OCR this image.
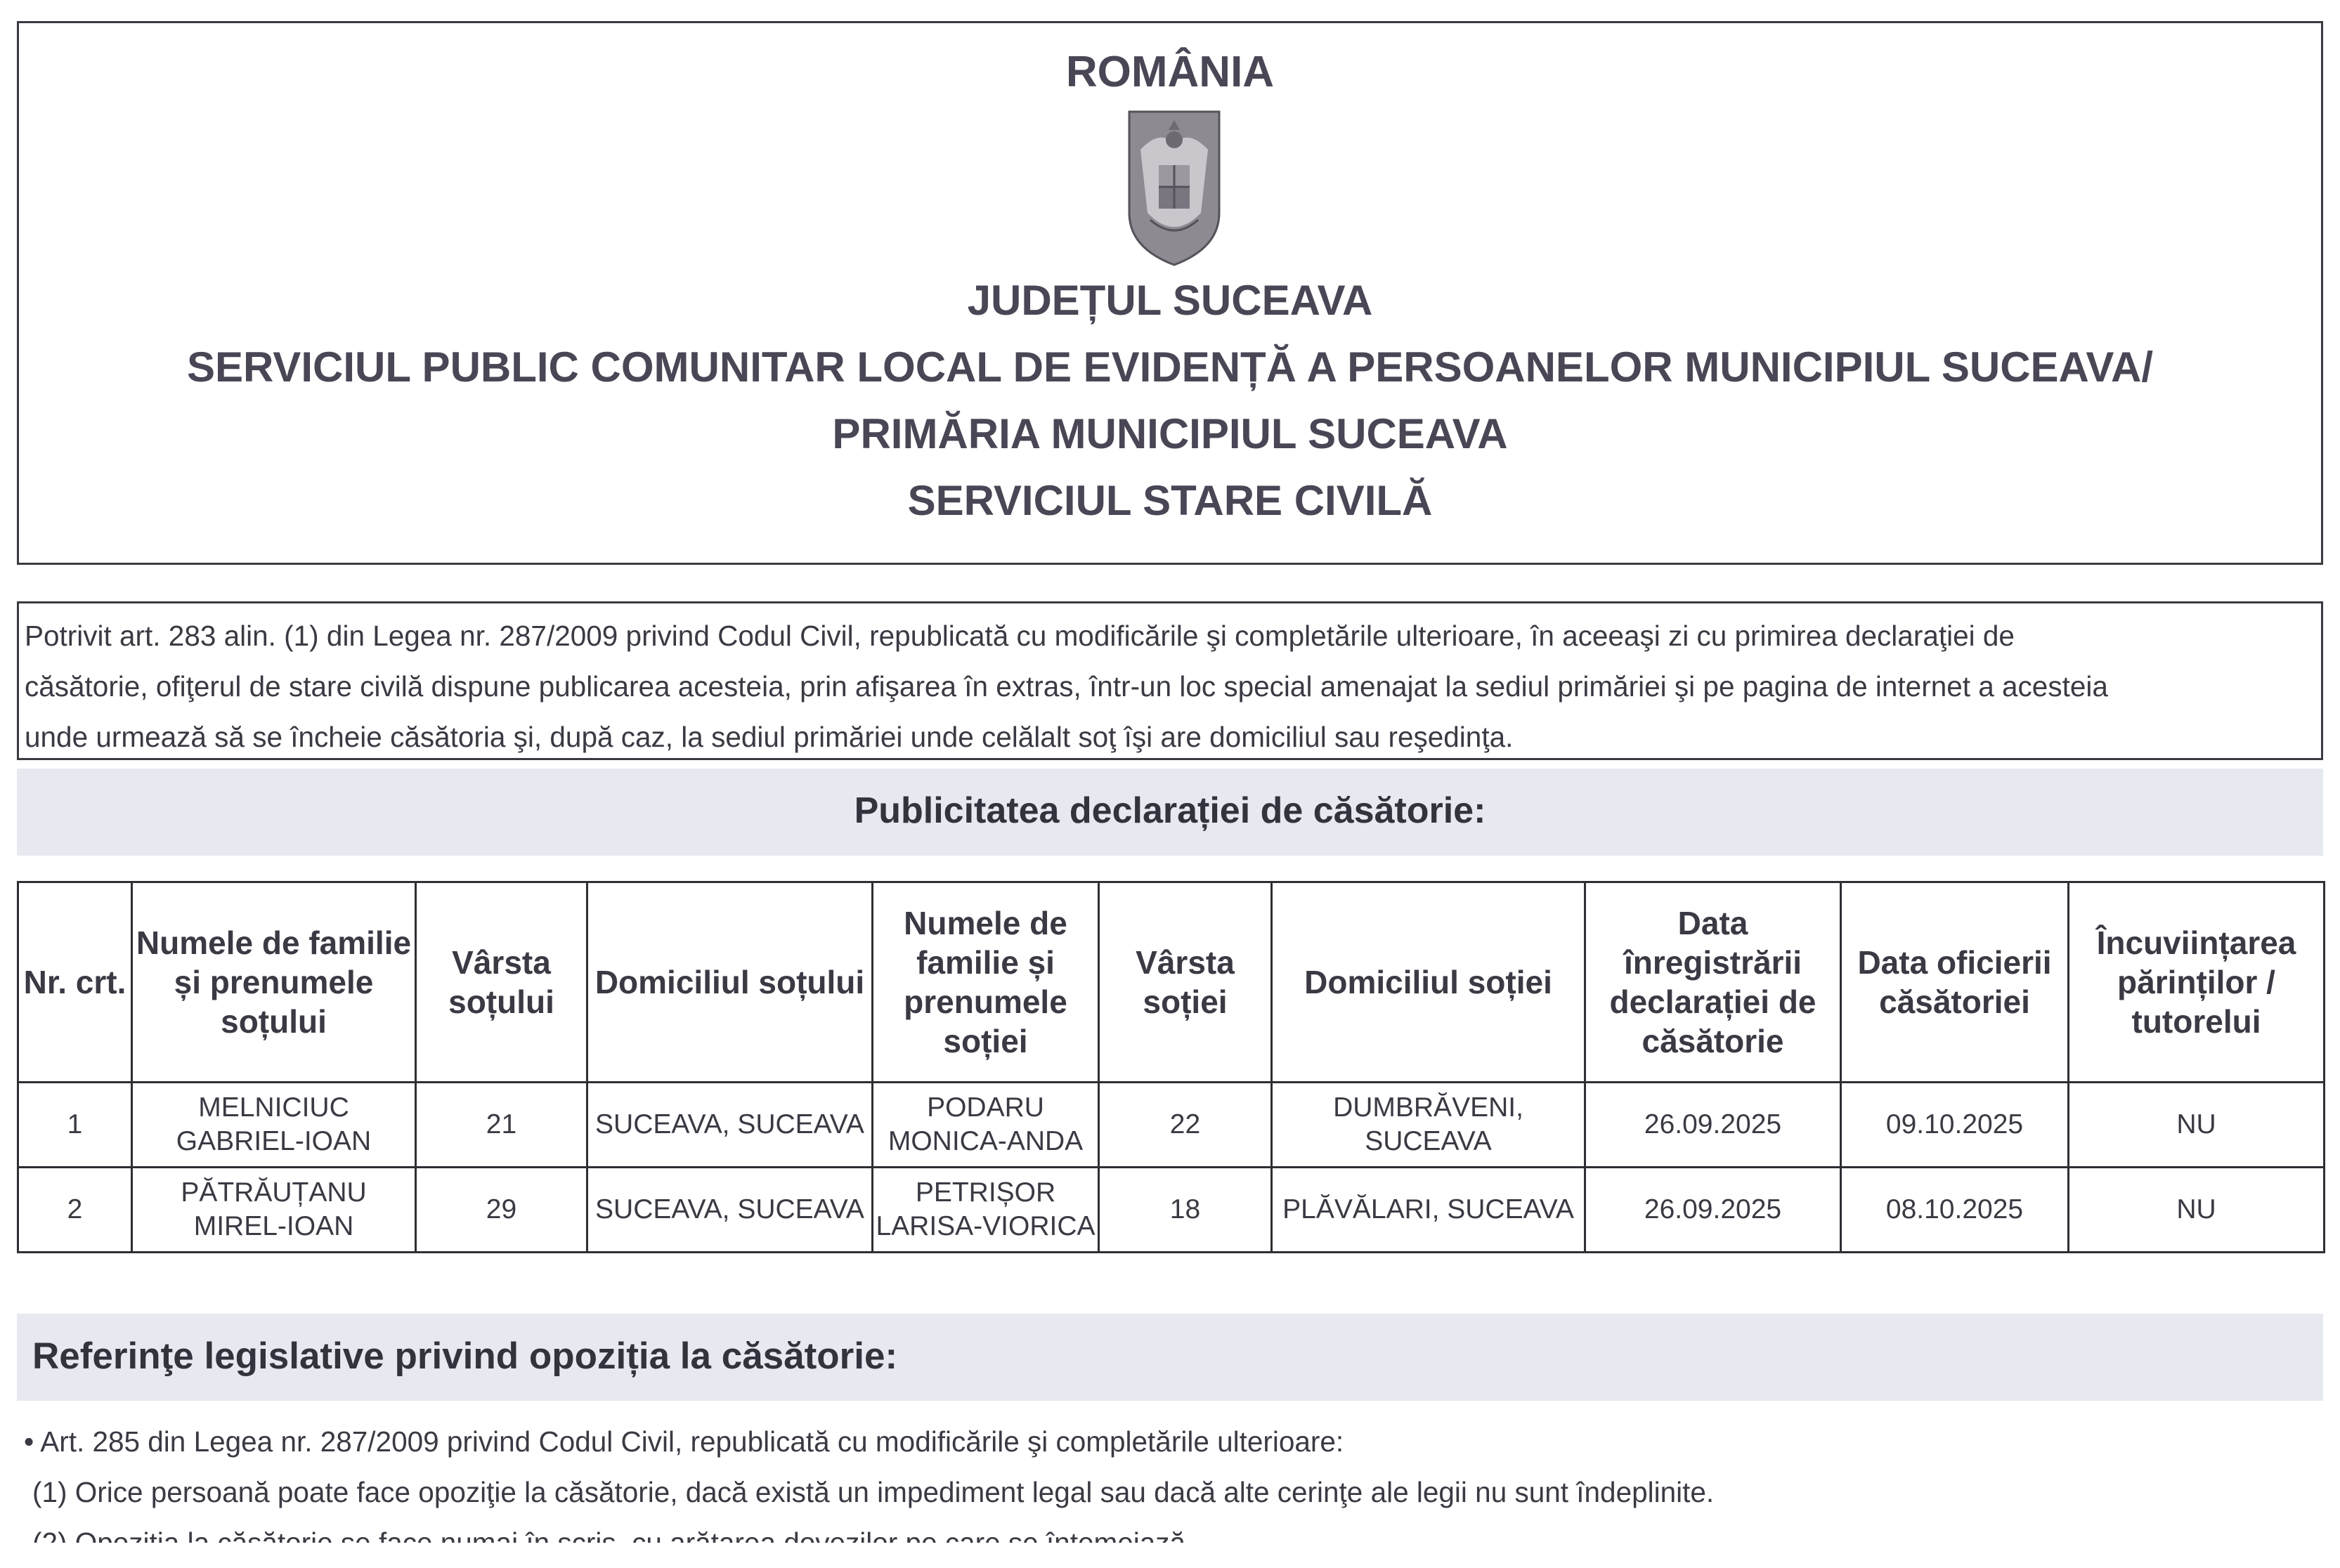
ROMÂNIA
JUDEȚUL SUCEAVA
SERVICIUL PUBLIC COMUNITAR LOCAL DE EVIDENȚĂ A PERSOANELOR MUNICIPIUL SUCEAVA/
PRIMĂRIA MUNICIPIUL SUCEAVA
SERVICIUL STARE CIVILĂ
Potrivit art. 283 alin. (1) din Legea nr. 287/2009 privind Codul Civil, republicată cu modificările şi completările ulterioare, în aceeaşi zi cu primirea declaraţiei de
căsătorie, ofiţerul de stare civilă dispune publicarea acesteia, prin afişarea în extras, într-un loc special amenajat la sediul primăriei şi pe pagina de internet a acesteia
unde urmează să se încheie căsătoria şi, după caz, la sediul primăriei unde celălalt soţ îşi are domiciliul sau reşedinţa.
Publicitatea declarației de căsătorie:
Nr. crt.	Numele de familie și prenumele soțului	Vârsta soțului	Domiciliul soțului	Numele de familie și prenumele soției	Vârsta soției	Domiciliul soției	Data înregistrării declarației de căsătorie	Data oficierii căsătoriei	Încuviințarea părinților / tutorelui
1	MELNICIUC GABRIEL-IOAN	21	SUCEAVA, SUCEAVA	PODARU MONICA-ANDA	22	DUMBRĂVENI, SUCEAVA	26.09.2025	09.10.2025	NU
2	PĂTRĂUȚANU MIREL-IOAN	29	SUCEAVA, SUCEAVA	PETRIȘOR LARISA-VIORICA	18	PLĂVĂLARI, SUCEAVA	26.09.2025	08.10.2025	NU
Referinţe legislative privind opoziția la căsătorie:
• Art. 285 din Legea nr. 287/2009 privind Codul Civil, republicată cu modificările şi completările ulterioare:
(1) Orice persoană poate face opoziţie la căsătorie, dacă există un impediment legal sau dacă alte cerinţe ale legii nu sunt îndeplinite.
